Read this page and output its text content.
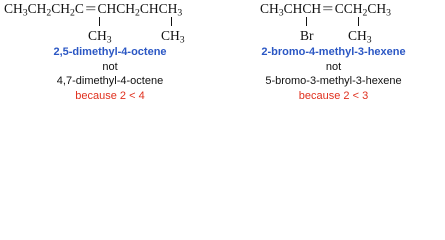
$CH_3CH_2CH_2C=CHCH_2CHCH_3$
$CH_3$	$CH_3$
2,5-dimethyl-4-octene
not
4,7-dimethyl-4-octene
because 2 < 4
$CH_3CHCH=CCH_2CH_3$
Br	$CH_3$
2-bromo-4-methyl-3-hexene
not
5-bromo-3-methyl-3-hexene
because 2 < 3
